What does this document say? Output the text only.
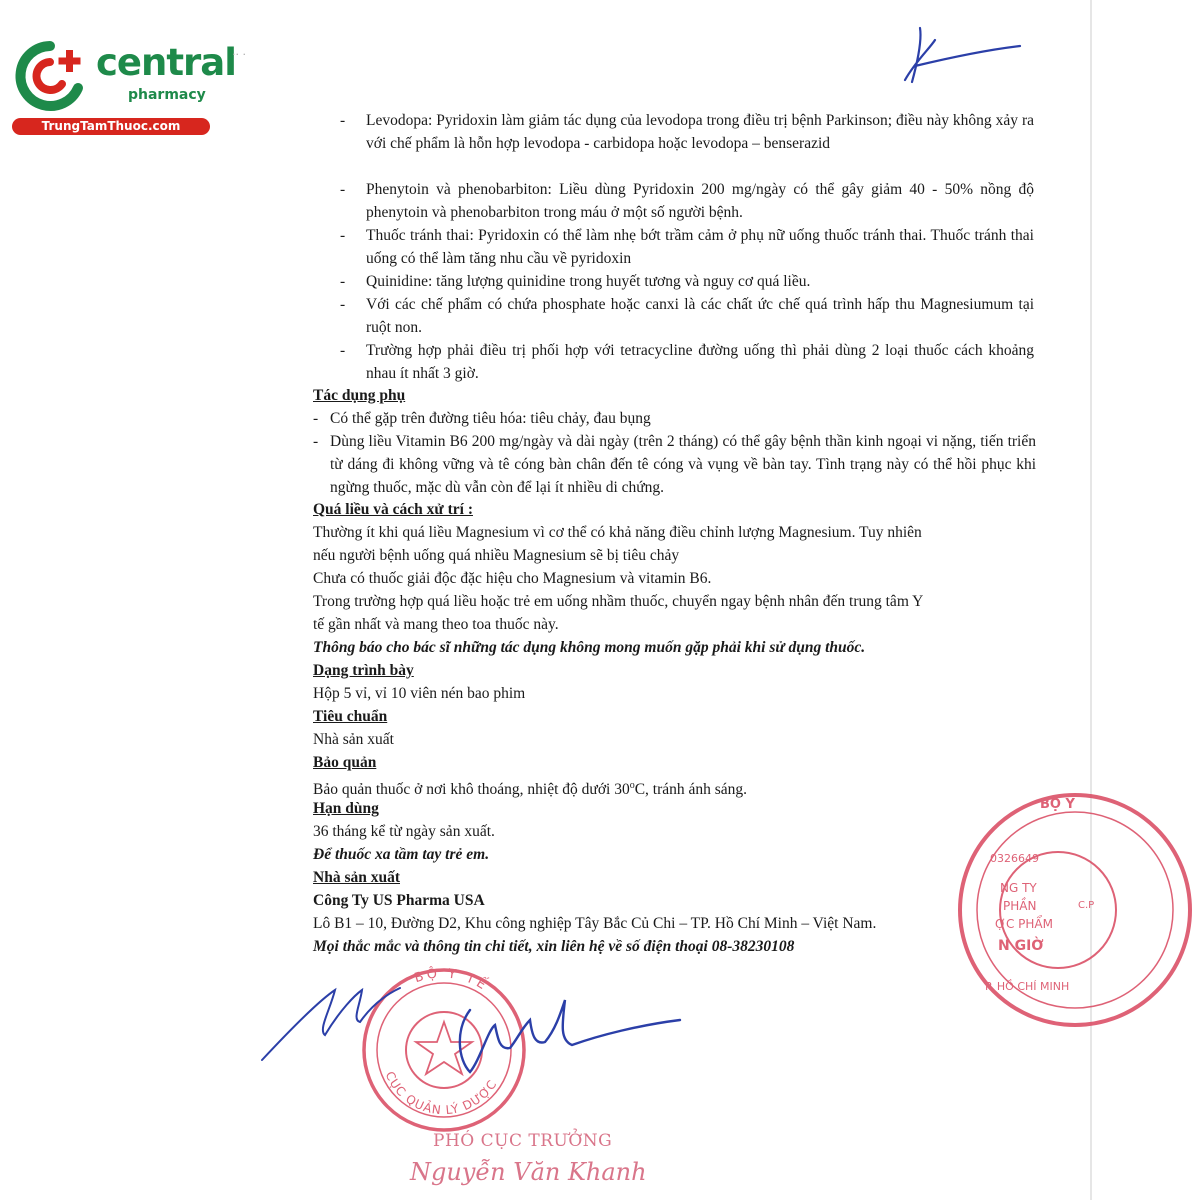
central
pharmacy
TrungTamThuoc.com
·· ·
- Levodopa: Pyridoxin làm giảm tác dụng của levodopa trong điều trị bệnh Parkinson; điều này không xảy ra với chế phẩm là hỗn hợp levodopa - carbidopa hoặc levodopa – benserazid
- Phenytoin và phenobarbiton: Liều dùng Pyridoxin 200 mg/ngày có thể gây giảm 40 - 50% nồng độ phenytoin và phenobarbiton trong máu ở một số người bệnh.
- Thuốc tránh thai: Pyridoxin có thể làm nhẹ bớt trầm cảm ở phụ nữ uống thuốc tránh thai. Thuốc tránh thai uống có thể làm tăng nhu cầu về pyridoxin
- Quinidine: tăng lượng quinidine trong huyết tương và nguy cơ quá liều.
- Với các chế phẩm có chứa phosphate hoặc canxi là các chất ức chế quá trình hấp thu Magnesiumum tại ruột non.
- Trường hợp phải điều trị phối hợp với tetracycline đường uống thì phải dùng 2 loại thuốc cách khoảng nhau ít nhất 3 giờ.
Tác dụng phụ
- Có thể gặp trên đường tiêu hóa: tiêu chảy, đau bụng
- Dùng liều Vitamin B6 200 mg/ngày và dài ngày (trên 2 tháng) có thể gây bệnh thần kinh ngoại vi nặng, tiến triển từ dáng đi không vững và tê cóng bàn chân đến tê cóng và vụng về bàn tay. Tình trạng này có thể hồi phục khi ngừng thuốc, mặc dù vẫn còn để lại ít nhiều di chứng.
Quá liều và cách xử trí :
Thường ít khi quá liều Magnesium vì cơ thể có khả năng điều chỉnh lượng Magnesium. Tuy nhiên
nếu người bệnh uống quá nhiều Magnesium sẽ bị tiêu chảy
Chưa có thuốc giải độc đặc hiệu cho Magnesium và vitamin B6.
Trong trường hợp quá liều hoặc trẻ em uống nhầm thuốc, chuyển ngay bệnh nhân đến trung tâm Y
tế gần nhất và mang theo toa thuốc này.
Thông báo cho bác sĩ những tác dụng không mong muốn gặp phải khi sử dụng thuốc.
Dạng trình bày
Hộp 5 vỉ, vỉ 10 viên nén bao phim
Tiêu chuẩn
Nhà sản xuất
Bảo quản
Bảo quản thuốc ở nơi khô thoáng, nhiệt độ dưới 30$^o$C, tránh ánh sáng.
Hạn dùng
36 tháng kể từ ngày sản xuất.
Để thuốc xa tầm tay trẻ em.
Nhà sản xuất
Công Ty US Pharma USA
Lô B1 – 10, Đường D2, Khu công nghiệp Tây Bắc Củ Chi – TP. Hồ Chí Minh – Việt Nam.
Mọi thắc mắc và thông tin chi tiết, xin liên hệ về số điện thoại 08-38230108
BỘ Y
0326649
NG TY
PHẦN
ỢC PHẨM
N GIỜ
P. HỒ CHÍ MINH
C.P
BỘ Y TẾ
CỤC QUẢN LÝ DƯỢC
PHÓ CỤC TRƯỞNG
Nguyễn Văn Khanh
